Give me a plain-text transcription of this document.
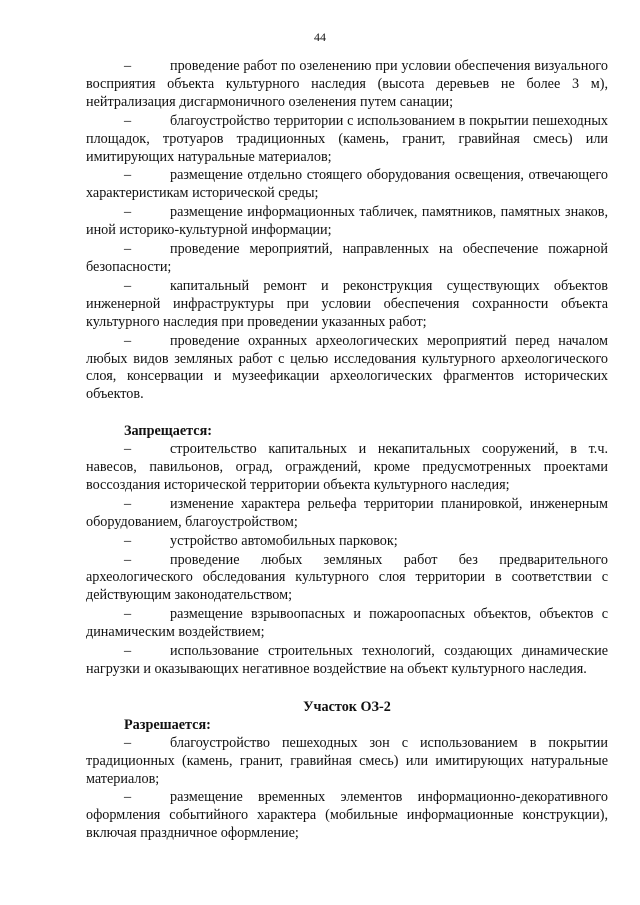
44

–	проведение работ по озеленению при условии обеспечения визуального восприятия объекта культурного наследия (высота деревьев не более 3 м), нейтрализация дисгармоничного озеленения путем санации;

–	благоустройство территории с использованием в покрытии пешеходных площадок, тротуаров традиционных (камень, гранит, гравийная смесь) или имитирующих натуральные материалов;

–	размещение отдельно стоящего оборудования освещения, отвечающего характеристикам исторической среды;

–	размещение информационных табличек, памятников, памятных знаков, иной историко-культурной информации;

–	проведение мероприятий, направленных на обеспечение пожарной безопасности;

–	капитальный ремонт и реконструкция существующих объектов инженерной инфраструктуры при условии обеспечения сохранности объекта культурного наследия при проведении указанных работ;

–	проведение охранных археологических мероприятий перед началом любых видов земляных работ с целью исследования культурного археологического слоя, консервации и музеефикации археологических фрагментов исторических объектов.

Запрещается:

–	строительство капитальных и некапитальных сооружений, в т.ч. навесов, павильонов, оград, ограждений, кроме предусмотренных проектами воссоздания исторической территории объекта культурного наследия;

–	изменение характера рельефа территории планировкой, инженерным оборудованием, благоустройством;

–	устройство автомобильных парковок;

–	проведение любых земляных работ без предварительного археологического обследования культурного слоя территории в соответствии с действующим законодательством;

–	размещение взрывоопасных и пожароопасных объектов, объектов с динамическим воздействием;

–	использование строительных технологий, создающих динамические нагрузки и оказывающих негативное воздействие на объект культурного наследия.

Участок ОЗ-2

Разрешается:

–	благоустройство пешеходных зон с использованием в покрытии традиционных (камень, гранит, гравийная смесь) или имитирующих натуральные материалов;

–	размещение временных элементов информационно-декоративного оформления событийного характера (мобильные информационные конструкции), включая праздничное оформление;
